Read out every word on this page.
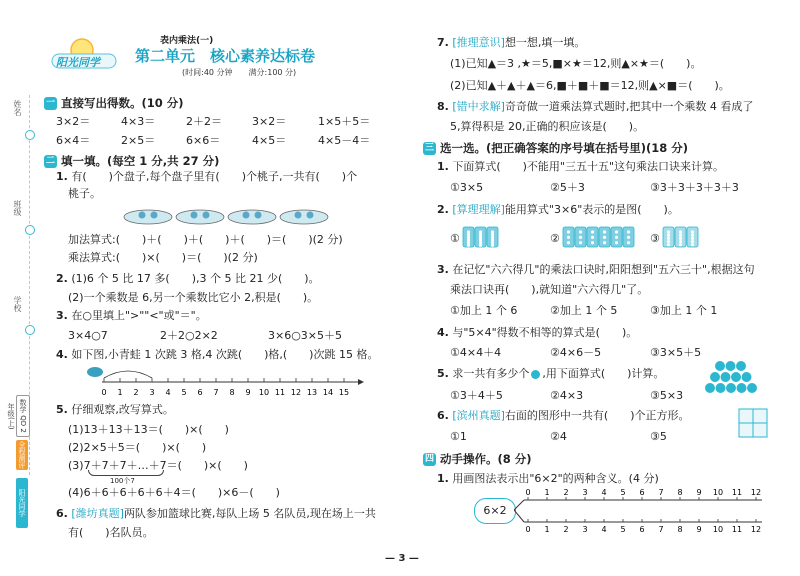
姓名
班级
学校
数学 QD 2年级(上)
全程测评卷
阳光同学
阳光同学
表内乘法(一)
第二单元　核心素养达标卷
(时间:40 分钟　　满分:100 分)
一 直接写出得数。(10 分)
3×2＝	4×3＝	2＋2＝	3×2＝	1×5＋5＝
6×4＝	2×5＝	6×6＝	4×5＝	4×5－4＝
二 填一填。(每空 1 分,共 27 分)
1. 有(　　)个盘子,每个盘子里有(　　)个桃子,一共有(　　)个
桃子。
加法算式:(　　)＋(　　)＋(　　)＋(　　)＝(　　)(2 分)
乘法算式:(　　)×(　　)＝(　　)(2 分)
2. (1)6 个 5 比 17 多(　　),3 个 5 比 21 少(　　)。
(2)一个乘数是 6,另一个乘数比它小 2,积是(　　)。
3. 在○里填上">""<"或"＝"。
3×4○7	2＋2○2×2	3×6○3×5＋5
4. 如下图,小青蛙 1 次跳 3 格,4 次跳(　　)格,(　　)次跳 15 格。
0 1 2 3 4 5 6 7 8 9 10 11 12 13 14 15
5. 仔细观察,改写算式。
(1)13＋13＋13＝(　　)×(　　)
(2)2×5＋5＝(　　)×(　　)
(3)7＋7＋7＋…＋7＝(　　)×(　　)
100个7
(4)6＋6＋6＋6＋6＋4＝(　　)×6－(　　)
6. [潍坊真题]两队参加篮球比赛,每队上场 5 名队员,现在场上一共
有(　　)名队员。
7. [推理意识]想一想,填一填。
(1)已知▲＝3 ,★＝5,■×★＝12,则▲×★＝(　　)。
(2)已知▲＋▲＋▲＝6,■＋■＋■＝12,则▲×■＝(　　)。
8. [错中求解]奇奇做一道乘法算式题时,把其中一个乘数 4 看成了
5,算得积是 20,正确的积应该是(　　)。
三 选一选。(把正确答案的序号填在括号里)(18 分)
1. 下面算式(　　)不能用"三五十五"这句乘法口诀来计算。
①3×5	②5＋3	③3＋3＋3＋3＋3
2. [算理理解]能用算式"3×6"表示的是图(　　)。
①	②	③
3. 在记忆"六六得几"的乘法口诀时,阳阳想到"五六三十",根据这句
乘法口诀再(　　),就知道"六六得几"了。
①加上 1 个 6	②加上 1 个 5	③加上 1 个 1
4. 与"5×4"得数不相等的算式是(　　)。
①4×4＋4	②4×6－5	③3×5＋5
5. 求一共有多少个 ,用下面算式(　　)计算。
①3＋4＋5	②4×3	③5×3
6. [滨州真题]右面的图形中一共有(　　)个正方形。
①1	②4	③5
四 动手操作。(8 分)
1. 用画图法表示出"6×2"的两种含义。(4 分)
6×2
0 1 2 3 4 5 6 7 8 9 10 11 12
0 1 2 3 4 5 6 7 8 9 10 11 12
— 3 —
